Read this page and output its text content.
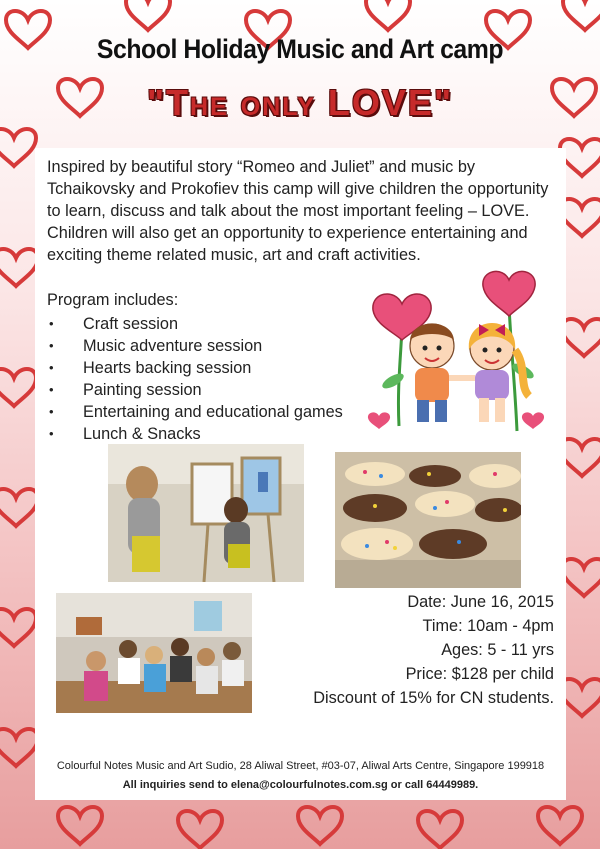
School Holiday Music and Art camp
"The only LOVE"
Inspired by beautiful story “Romeo and Juliet” and music by Tchaikovsky and Prokofiev this camp will give children the opportunity to learn, discuss and talk about the most important feeling – LOVE. Children will also get an opportunity to experience entertaining and exciting theme related music, art and craft activities.
Program includes:
• Craft session
• Music adventure session
• Hearts backing session
• Painting session
• Entertaining and educational games
• Lunch & Snacks
Date: June 16, 2015
Time: 10am - 4pm
Ages: 5 - 11 yrs
Price: $128 per child
Discount of 15% for CN students.
Colourful Notes Music and Art Sudio, 28 Aliwal Street, #03-07, Aliwal Arts Centre, Singapore 199918
All inquiries send to elena@colourfulnotes.com.sg or call 64449989.
